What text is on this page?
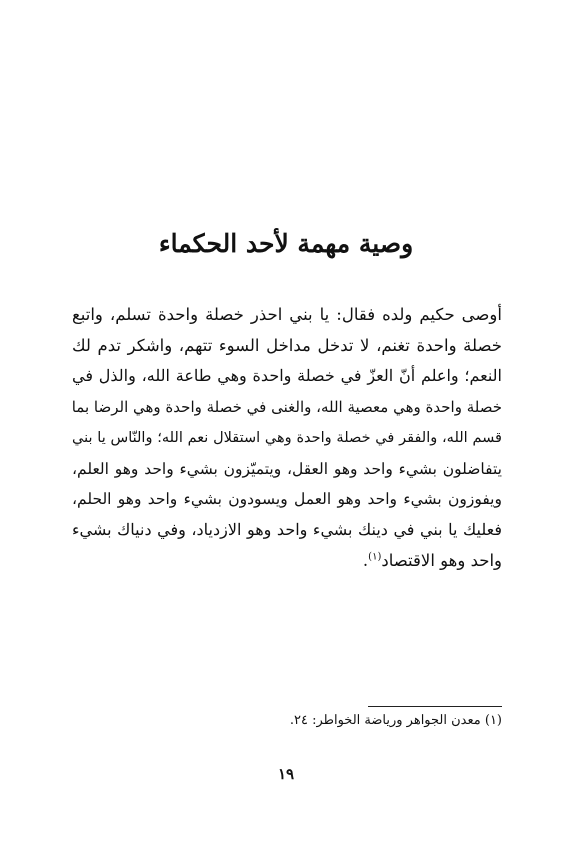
وصية مهمة لأحد الحكماء
أوصى حكيم ولده فقال: يا بني احذر خصلة واحدة تسلم، واتبع
خصلة واحدة تغنم، لا تدخل مداخل السوء تتهم، واشكر تدم لك
النعم؛ واعلم أنّ العزّ في خصلة واحدة وهي طاعة الله، والذل في
خصلة واحدة وهي معصية الله، والغنى في خصلة واحدة وهي الرضا بما
قسم الله، والفقر في خصلة واحدة وهي استقلال نعم الله؛ والنّاس يا بني
يتفاضلون بشيء واحد وهو العقل، ويتميّزون بشيء واحد وهو العلم،
ويفوزون بشيء واحد وهو العمل ويسودون بشيء واحد وهو الحلم،
فعليك يا بني في دينك بشيء واحد وهو الازدياد، وفي دنياك بشيء
واحد وهو الاقتصاد$^{(١)}$.

(١) معدن الجواهر ورياضة الخواطر: ٢٤.

١٩
